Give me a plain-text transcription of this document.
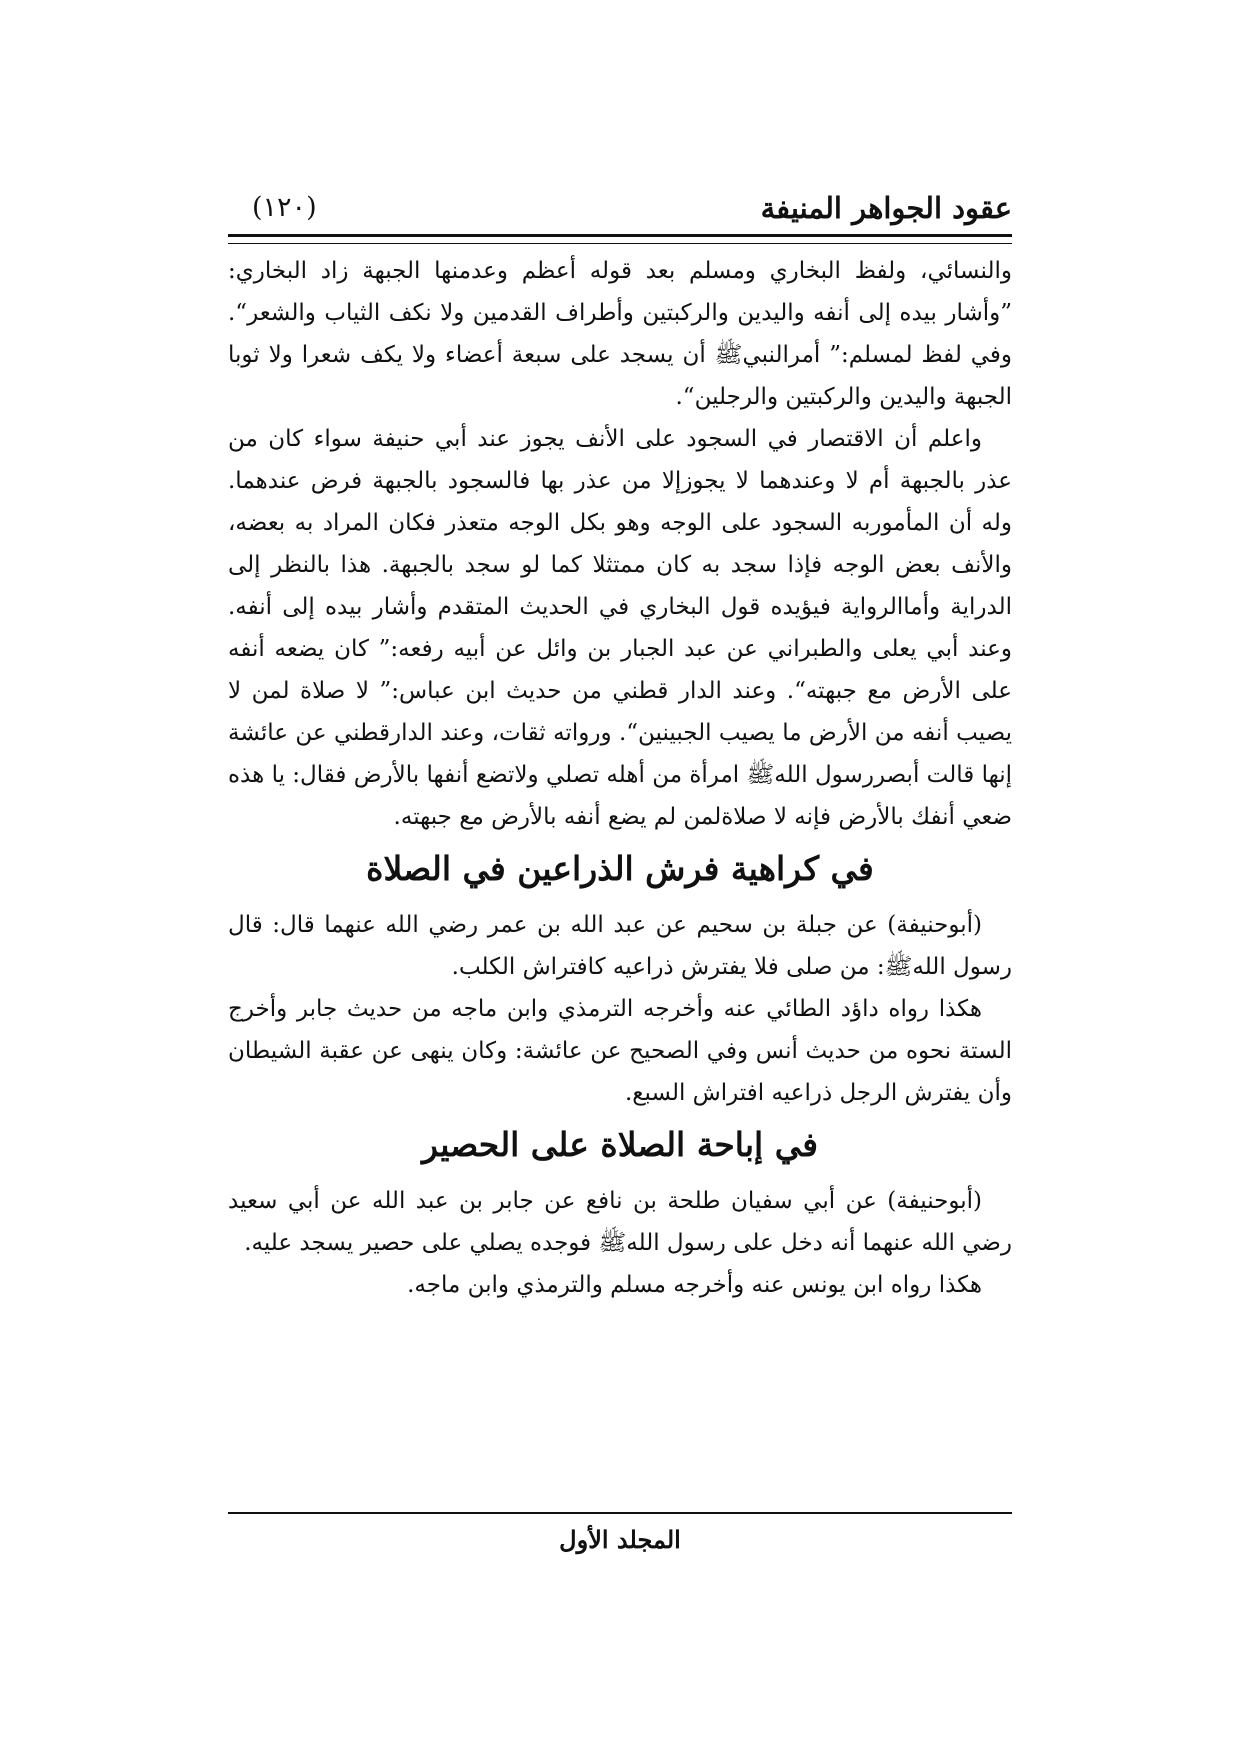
عقود الجواهر المنيفة
(١٢٠)

والنسائي، ولفظ البخاري ومسلم بعد قوله أعظم وعدمنها الجبهة زاد البخاري: ”وأشار بيده إلى أنفه واليدين والركبتين وأطراف القدمين ولا نكف الثياب والشعر“. وفي لفظ لمسلم:” أمرالنبيﷺ أن يسجد على سبعة أعضاء ولا يكف شعرا ولا ثوبا الجبهة واليدين والركبتين والرجلين“.

واعلم أن الاقتصار في السجود على الأنف يجوز عند أبي حنيفة سواء كان من عذر بالجبهة أم لا وعندهما لا يجوزإلا من عذر بها فالسجود بالجبهة فرض عندهما. وله أن المأموربه السجود على الوجه وهو بكل الوجه متعذر فكان المراد به بعضه، والأنف بعض الوجه فإذا سجد به كان ممتثلا كما لو سجد بالجبهة. هذا بالنظر إلى الدراية وأماالرواية فيؤيده قول البخاري في الحديث المتقدم وأشار بيده إلى أنفه. وعند أبي يعلى والطبراني عن عبد الجبار بن وائل عن أبيه رفعه:” كان يضعه أنفه على الأرض مع جبهته“. وعند الدار قطني من حديث ابن عباس:” لا صلاة لمن لا يصيب أنفه من الأرض ما يصيب الجبينين“. ورواته ثقات، وعند الدارقطني عن عائشة إنها قالت أبصررسول اللهﷺ امرأة من أهله تصلي ولاتضع أنفها بالأرض فقال: يا هذه ضعي أنفك بالأرض فإنه لا صلاةلمن لم يضع أنفه بالأرض مع جبهته.

في كراهية فرش الذراعين في الصلاة

(أبوحنيفة) عن جبلة بن سحيم عن عبد الله بن عمر رضي الله عنهما قال: قال رسول اللهﷺ: من صلى فلا يفترش ذراعيه كافتراش الكلب.

هكذا رواه داؤد الطائي عنه وأخرجه الترمذي وابن ماجه من حديث جابر وأخرج الستة نحوه من حديث أنس وفي الصحيح عن عائشة: وكان ينهى عن عقبة الشيطان وأن يفترش الرجل ذراعيه افتراش السبع.

في إباحة الصلاة على الحصير

(أبوحنيفة) عن أبي سفيان طلحة بن نافع عن جابر بن عبد الله عن أبي سعيد رضي الله عنهما أنه دخل على رسول اللهﷺ فوجده يصلي على حصير يسجد عليه.

هكذا رواه ابن يونس عنه وأخرجه مسلم والترمذي وابن ماجه.

المجلد الأول
